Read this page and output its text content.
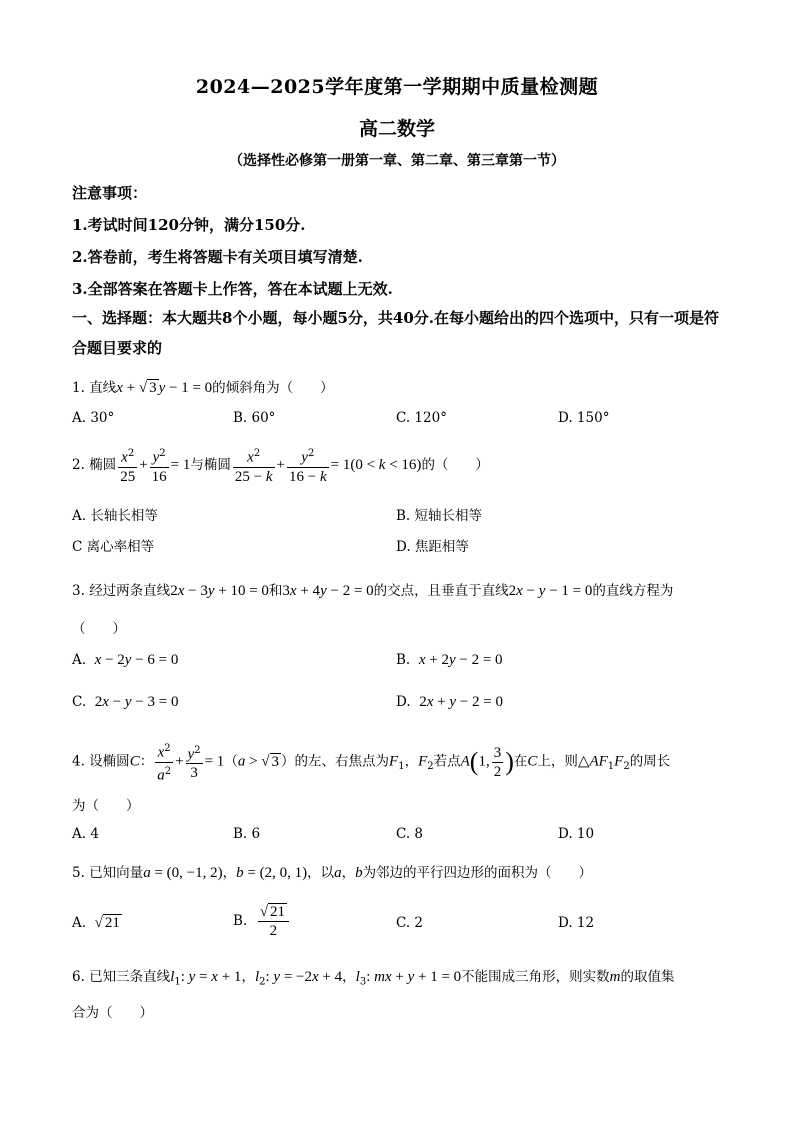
2024—2025学年度第一学期期中质量检测题
高二数学
（选择性必修第一册第一章、第二章、第三章第一节）
注意事项：
1.考试时间120分钟，满分150分.
2.答卷前，考生将答题卡有关项目填写清楚.
3.全部答案在答题卡上作答，答在本试题上无效.
一、选择题：本大题共8个小题，每小题5分，共40分.在每小题给出的四个选项中，只有一项是符合题目要求的
1. 直线x + √ 3 y − 1 = 0的倾斜角为（　　）
A. 30°	B. 60°	C. 120°	D. 150°
2. 椭圆 $\frac{x^2}{25} + \frac{y^2}{16} = 1$与椭圆 $\frac{x^2}{25 - k} + \frac{y^2}{16 - k} = 1(0 < k < 16)$的（　　）
A. 长轴长相等	B. 短轴长相等
C 离心率相等	D. 焦距相等
3. 经过两条直线2x − 3y + 10 = 0和3x + 4y − 2 = 0的交点，且垂直于直线2x − y − 1 = 0的直线方程为
（　　）
A. x − 2y − 6 = 0	B. x + 2y − 2 = 0
C. 2x − y − 3 = 0	D. 2x + y − 2 = 0
4. 设椭圆C： $\frac{x^2}{a^2} + \frac{y^2}{3} = 1(a$ > √ 3 ）的左、右焦点为$F_1$，$F_2$若点A(1, $\frac{3}{2}$ )在C上，则$\triangle AF_1F_2$的周长
为（　　）
A. 4	B. 6	C. 8	D. 10
5. 已知向量a = (0, −1, 2)，b = (2, 0, 1)，以a，b为邻边的平行四边形的面积为（　　）
A. √ 21	B. $\frac{√ 21}{2}$	C. 2	D. 12
6. 已知三条直线$l_1$: y = x + 1，$l_2$: y = −2x + 4，$l_3$: mx + y + 1 = 0不能围成三角形，则实数m的取值集
合为（　　）
